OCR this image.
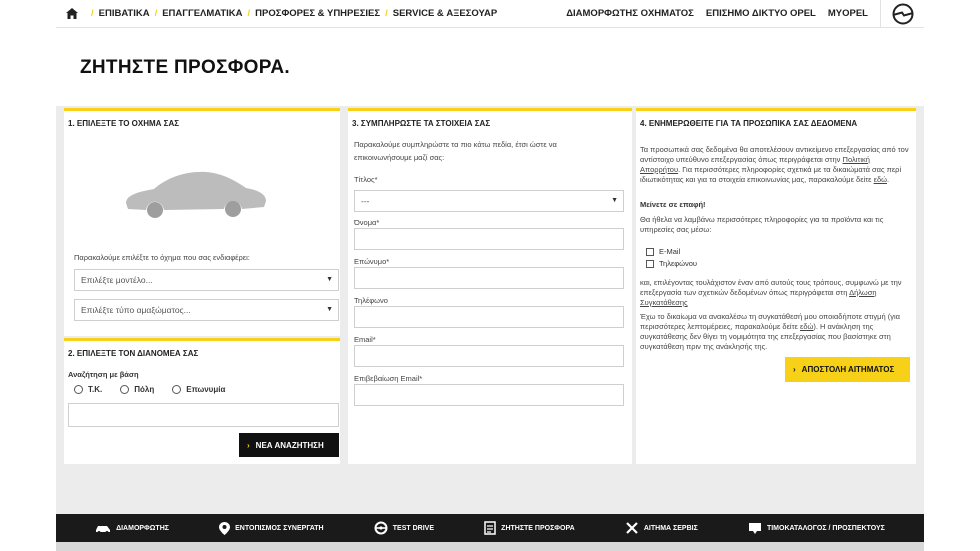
/ ΕΠΙΒΑΤΙΚΑ / ΕΠΑΓΓΕΛΜΑΤΙΚΑ / ΠΡΟΣΦΟΡΕΣ & ΥΠΗΡΕΣΙΕΣ / SERVICE & ΑΞΕΣΟΥΑΡ	ΔΙΑΜΟΡΦΩΤΗΣ ΟΧΗΜΑΤΟΣ ΕΠΙΣΗΜΟ ΔΙΚΤΥΟ OPEL MYOPEL
ΖΗΤΗΣΤΕ ΠΡΟΣΦΟΡΑ.
1. ΕΠΙΛΕΞΤΕ ΤΟ ΟΧΗΜΑ ΣΑΣ
Παρακαλούμε επιλέξτε το όχημα που σας ενδιαφέρει:
Επιλέξτε μοντέλο...	▼
Επιλέξτε τύπο αμαξώματος...	▼
2. ΕΠΙΛΕΞΤΕ ΤΟΝ ΔΙΑΝΟΜΕΑ ΣΑΣ
Αναζήτηση με βάση
Τ.Κ.	Πόλη	Επωνυμία
› ΝΕΑ ΑΝΑΖΗΤΗΣΗ
3. ΣΥΜΠΛΗΡΩΣΤΕ ΤΑ ΣΤΟΙΧΕΙΑ ΣΑΣ
Παρακαλούμε συμπληρώστε τα πιο κάτω πεδία, έτσι ώστε να επικοινωνήσουμε μαζί σας:
Τίτλος*
---	▼
Όνομα*
Επώνυμο*
Τηλέφωνο
Email*
Επιβεβαίωση Email*
4. ΕΝΗΜΕΡΩΘΕΙΤΕ ΓΙΑ ΤΑ ΠΡΟΣΩΠΙΚΑ ΣΑΣ ΔΕΔΟΜΕΝΑ
Τα προσωπικά σας δεδομένα θα αποτελέσουν αντικείμενο επεξεργασίας από τον αντίστοιχο υπεύθυνο επεξεργασίας όπως περιγράφεται στην Πολιτική Απορρήτου. Για περισσότερες πληροφορίες σχετικά με τα δικαιώματά σας περί ιδιωτικότητας και για τα στοιχεία επικοινωνίας μας, παρακαλούμε δείτε εδώ.
Μείνετε σε επαφή!
Θα ήθελα να λαμβάνω περισσότερες πληροφορίες για τα προϊόντα και τις υπηρεσίες σας μέσω:
E-Mail
Τηλεφώνου
και, επιλέγοντας τουλάχιστον έναν από αυτούς τους τρόπους, συμφωνώ με την επεξεργασία των σχετικών δεδομένων όπως περιγράφεται στη Δήλωση Συγκατάθεσης
Έχω το δικαίωμα να ανακαλέσω τη συγκατάθεσή μου οποιαδήποτε στιγμή (για περισσότερες λεπτομέρειες, παρακαλούμε δείτε εδώ). Η ανάκληση της συγκατάθεσης δεν θίγει τη νομιμότητα της επεξεργασίας που βασίστηκε στη συγκατάθεση πριν της ανάκλησής της.
› ΑΠΟΣΤΟΛΗ ΑΙΤΗΜΑΤΟΣ
ΔΙΑΜΟΡΦΩΤΗΣ	ΕΝΤΟΠΙΣΜΟΣ ΣΥΝΕΡΓΑΤΗ	TEST DRIVE	ΖΗΤΗΣΤΕ ΠΡΟΣΦΟΡΑ	ΑΙΤΗΜΑ ΣΕΡΒΙΣ	ΤΙΜΟΚΑΤΑΛΟΓΟΣ / ΠΡΟΣΠΕΚΤΟΥΣ
